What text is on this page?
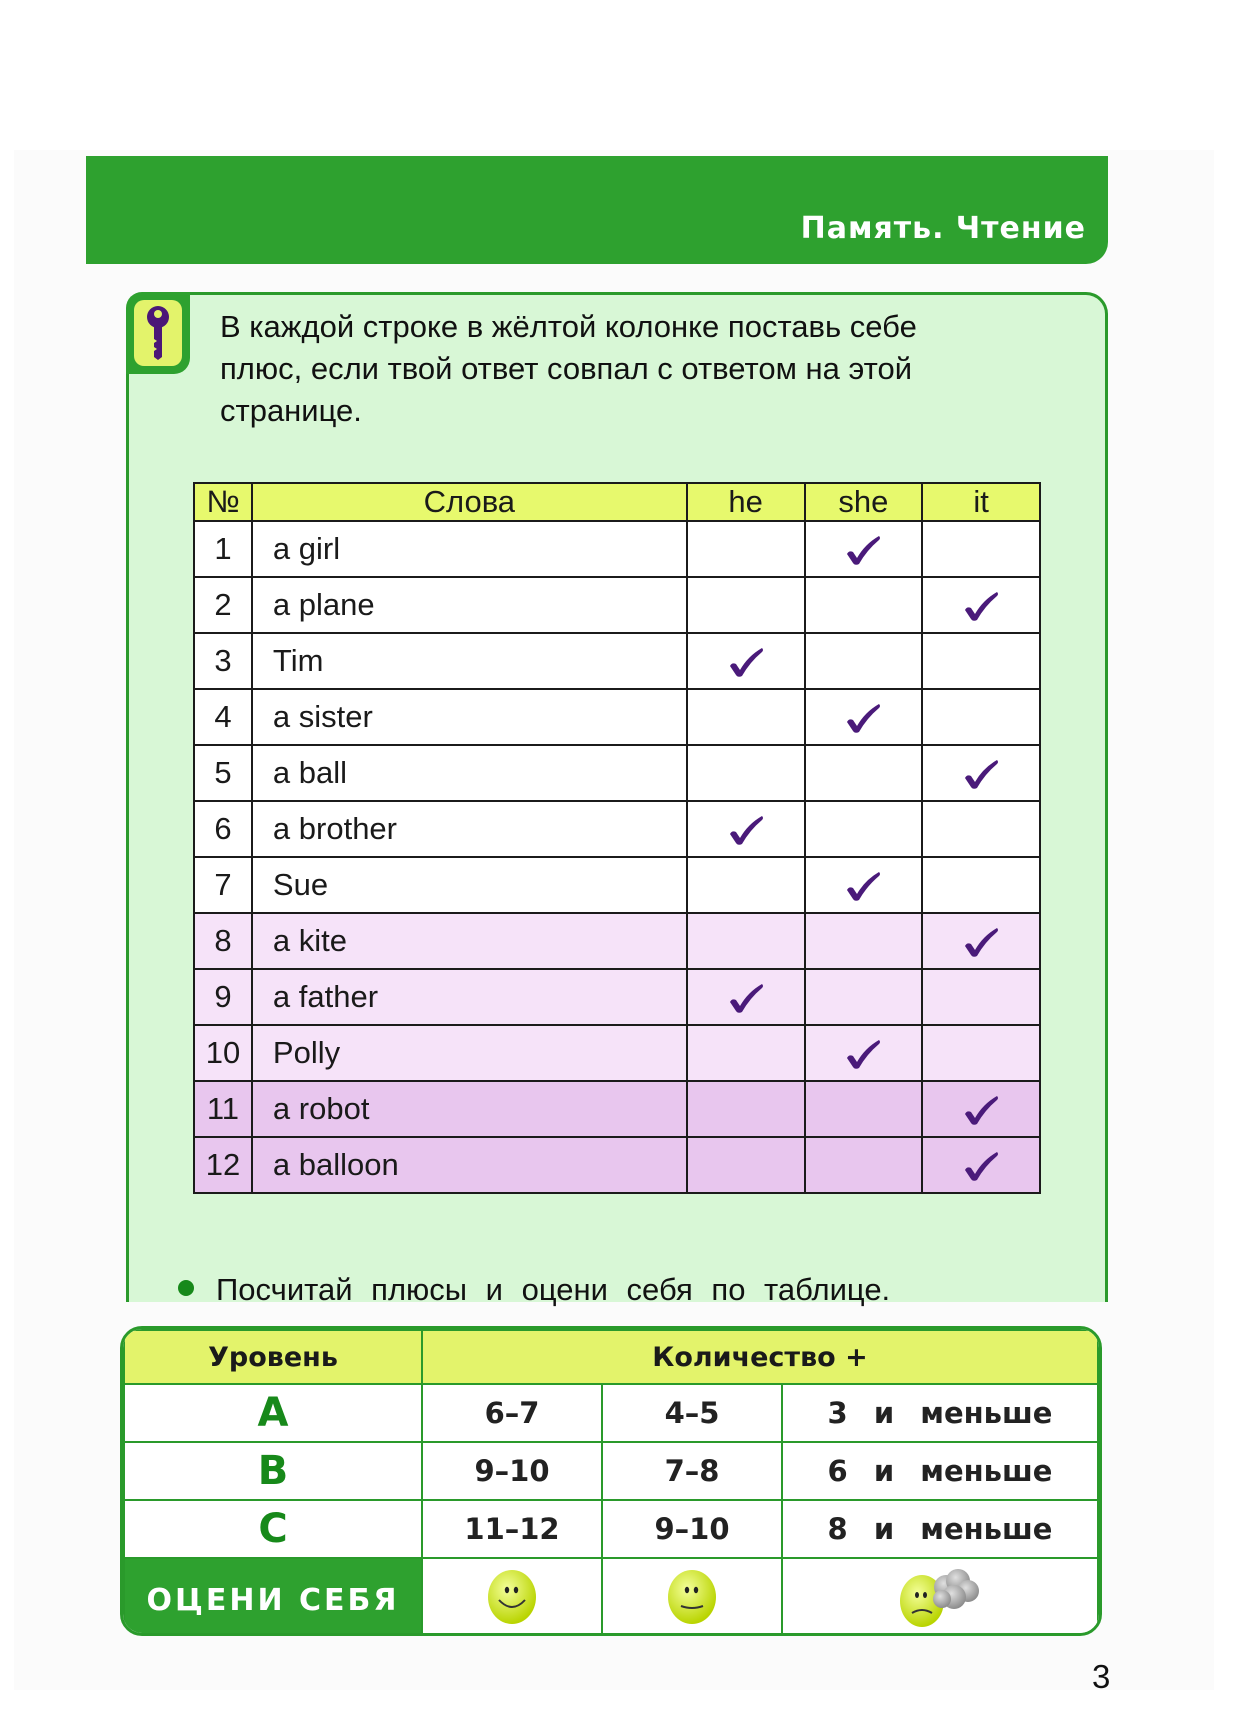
Память. Чтение
В каждой строке в жёлтой колонке поставь себе
плюс, если твой ответ совпал с ответом на этой
странице.
№	Слова	he	she	it
1	a girl			
2	a plane			
3	Tim			
4	a sister			
5	a ball			
6	a brother			
7	Sue			
8	a kite			
9	a father			
10	Polly			
11	a robot			
12	a balloon			
Посчитай плюсы и оцени себя по таблице.
Уровень	Количество +		
A	6–7	4–5	3 и меньше
B	9–10	7–8	6 и меньше
C	11–12	9–10	8 и меньше
ОЦЕНИ СЕБЯ			
3
